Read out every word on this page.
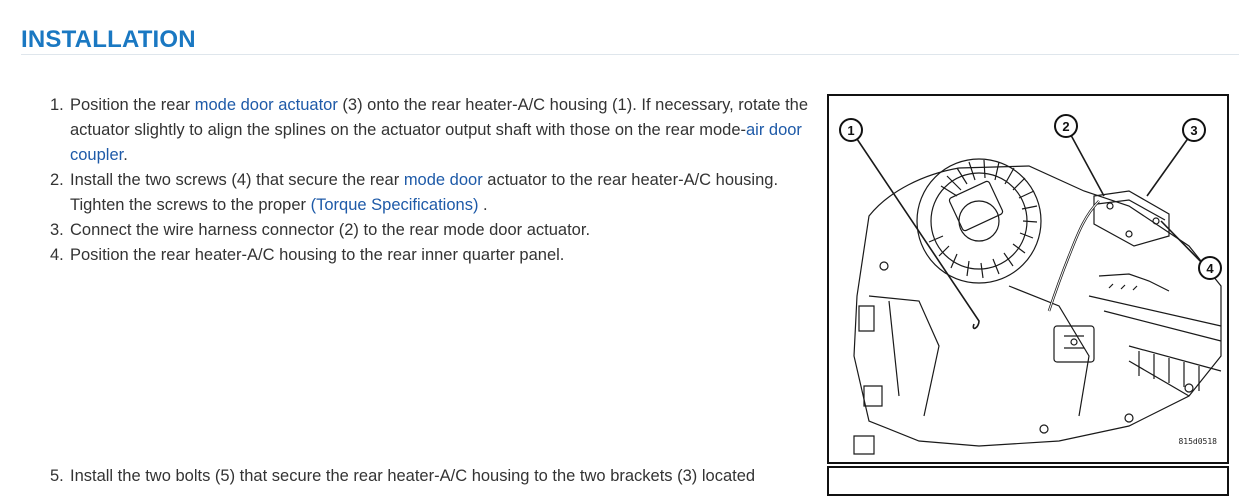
INSTALLATION
1. Position the rear mode door actuator (3) onto the rear heater-A/C housing (1). If necessary, rotate the actuator slightly to align the splines on the actuator output shaft with those on the rear mode-air door coupler.
2. Install the two screws (4) that secure the rear mode door actuator to the rear heater-A/C housing. Tighten the screws to the proper (Torque Specifications) .
3. Connect the wire harness connector (2) to the rear mode door actuator.
4. Position the rear heater-A/C housing to the rear inner quarter panel.
5. Install the two bolts (5) that secure the rear heater-A/C housing to the two brackets (3) located
1	2	3
4
815d0518
